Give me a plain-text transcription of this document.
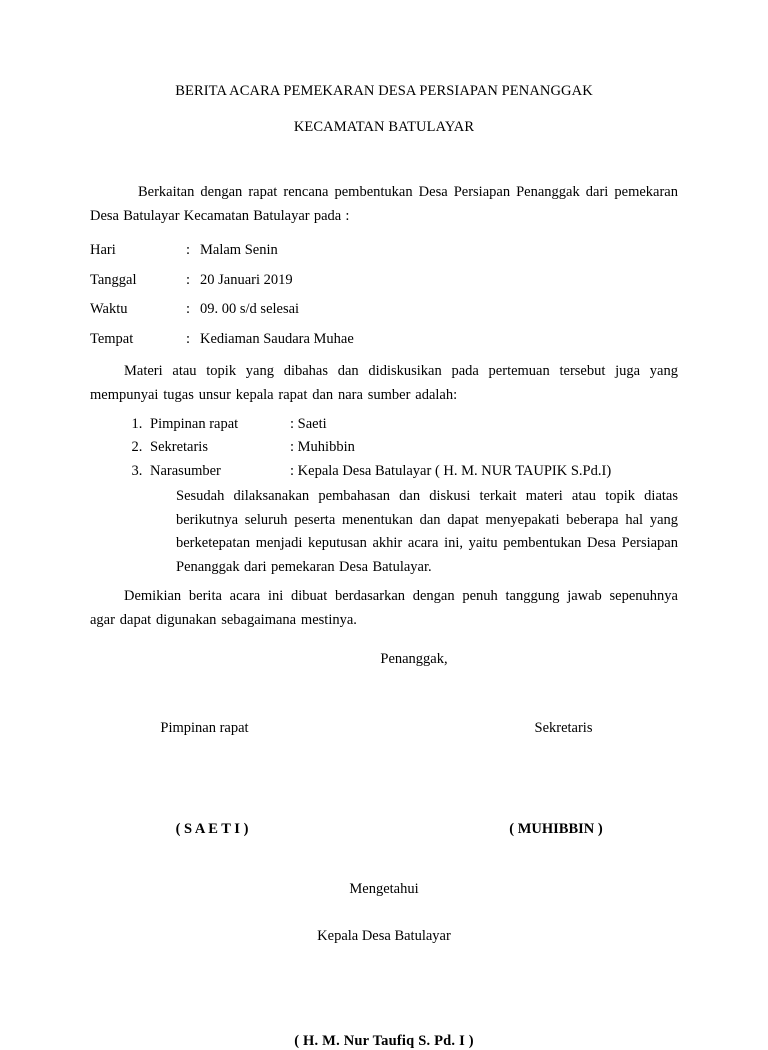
BERITA ACARA PEMEKARAN DESA PERSIAPAN PENANGGAK
KECAMATAN BATULAYAR
Berkaitan dengan rapat rencana pembentukan Desa Persiapan Penanggak dari pemekaran Desa Batulayar Kecamatan Batulayar pada :
Hari	:	Malam Senin
Tanggal	:	20 Januari 2019
Waktu	:	09. 00 s/d selesai
Tempat	:	Kediaman Saudara Muhae
Materi atau topik yang dibahas dan didiskusikan pada pertemuan tersebut juga yang mempunyai tugas unsur kepala rapat dan nara sumber adalah:
1. Pimpinan rapat	: Saeti
2. Sekretaris	: Muhibbin
3. Narasumber	: Kepala Desa Batulayar ( H. M. NUR TAUPIK S.Pd.I)
Sesudah dilaksanakan pembahasan dan diskusi terkait materi atau topik diatas berikutnya seluruh peserta menentukan dan dapat menyepakati beberapa hal yang berketepatan menjadi keputusan akhir acara ini, yaitu pembentukan Desa Persiapan Penanggak dari pemekaran Desa Batulayar.
Demikian berita acara ini dibuat berdasarkan dengan penuh tanggung jawab sepenuhnya agar dapat digunakan sebagaimana mestinya.
Penanggak,
Pimpinan rapat	Sekretaris
( S A E T I )	( MUHIBBIN )
Mengetahui
Kepala Desa Batulayar
( H. M. Nur Taufiq S. Pd. I )
